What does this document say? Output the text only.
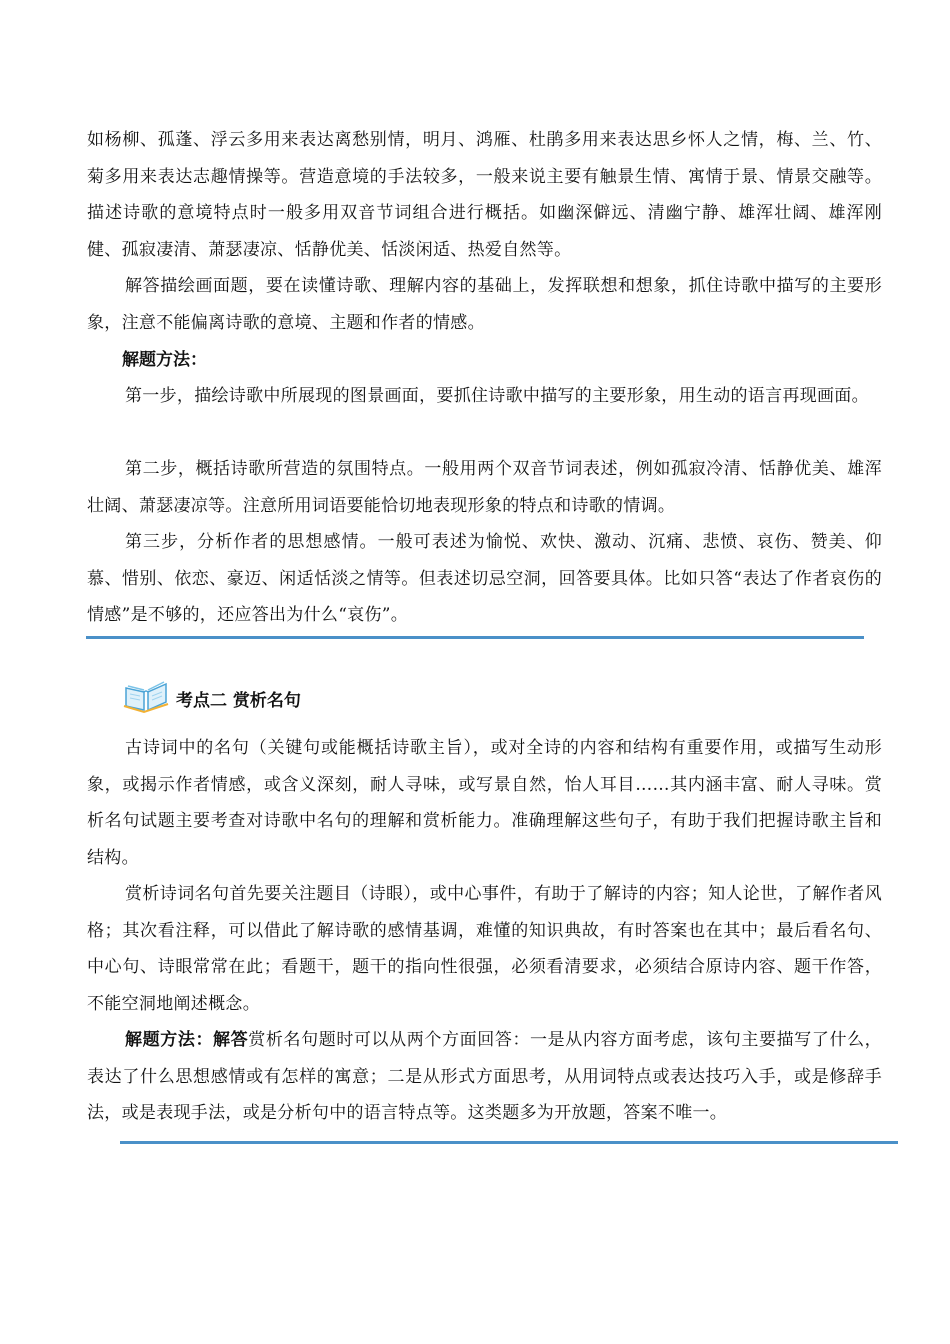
如杨柳、孤蓬、浮云多用来表达离愁别情，明月、鸿雁、杜鹃多用来表达思乡怀人之情，梅、兰、竹、菊多用来表达志趣情操等。营造意境的手法较多，一般来说主要有触景生情、寓情于景、情景交融等。描述诗歌的意境特点时一般多用双音节词组合进行概括。如幽深僻远、清幽宁静、雄浑壮阔、雄浑刚健、孤寂凄清、萧瑟凄凉、恬静优美、恬淡闲适、热爱自然等。

解答描绘画面题，要在读懂诗歌、理解内容的基础上，发挥联想和想象，抓住诗歌中描写的主要形象，注意不能偏离诗歌的意境、主题和作者的情感。

解题方法：

第一步，描绘诗歌中所展现的图景画面，要抓住诗歌中描写的主要形象，用生动的语言再现画面。

第二步，概括诗歌所营造的氛围特点。一般用两个双音节词表述，例如孤寂冷清、恬静优美、雄浑壮阔、萧瑟凄凉等。注意所用词语要能恰切地表现形象的特点和诗歌的情调。

第三步，分析作者的思想感情。一般可表述为愉悦、欢快、激动、沉痛、悲愤、哀伤、赞美、仰慕、惜别、依恋、豪迈、闲适恬淡之情等。但表述切忌空洞，回答要具体。比如只答“表达了作者哀伤的情感”是不够的，还应答出为什么“哀伤”。

考点二 赏析名句

古诗词中的名句（关键句或能概括诗歌主旨），或对全诗的内容和结构有重要作用，或描写生动形象，或揭示作者情感，或含义深刻，耐人寻味，或写景自然，怡人耳目……其内涵丰富、耐人寻味。赏析名句试题主要考查对诗歌中名句的理解和赏析能力。准确理解这些句子，有助于我们把握诗歌主旨和结构。

赏析诗词名句首先要关注题目（诗眼），或中心事件，有助于了解诗的内容；知人论世，了解作者风格；其次看注释，可以借此了解诗歌的感情基调，难懂的知识典故，有时答案也在其中；最后看名句、中心句、诗眼常常在此；看题干，题干的指向性很强，必须看清要求，必须结合原诗内容、题干作答，不能空洞地阐述概念。

解题方法：解答赏析名句题时可以从两个方面回答：一是从内容方面考虑，该句主要描写了什么，表达了什么思想感情或有怎样的寓意；二是从形式方面思考，从用词特点或表达技巧入手，或是修辞手法，或是表现手法，或是分析句中的语言特点等。这类题多为开放题，答案不唯一。
